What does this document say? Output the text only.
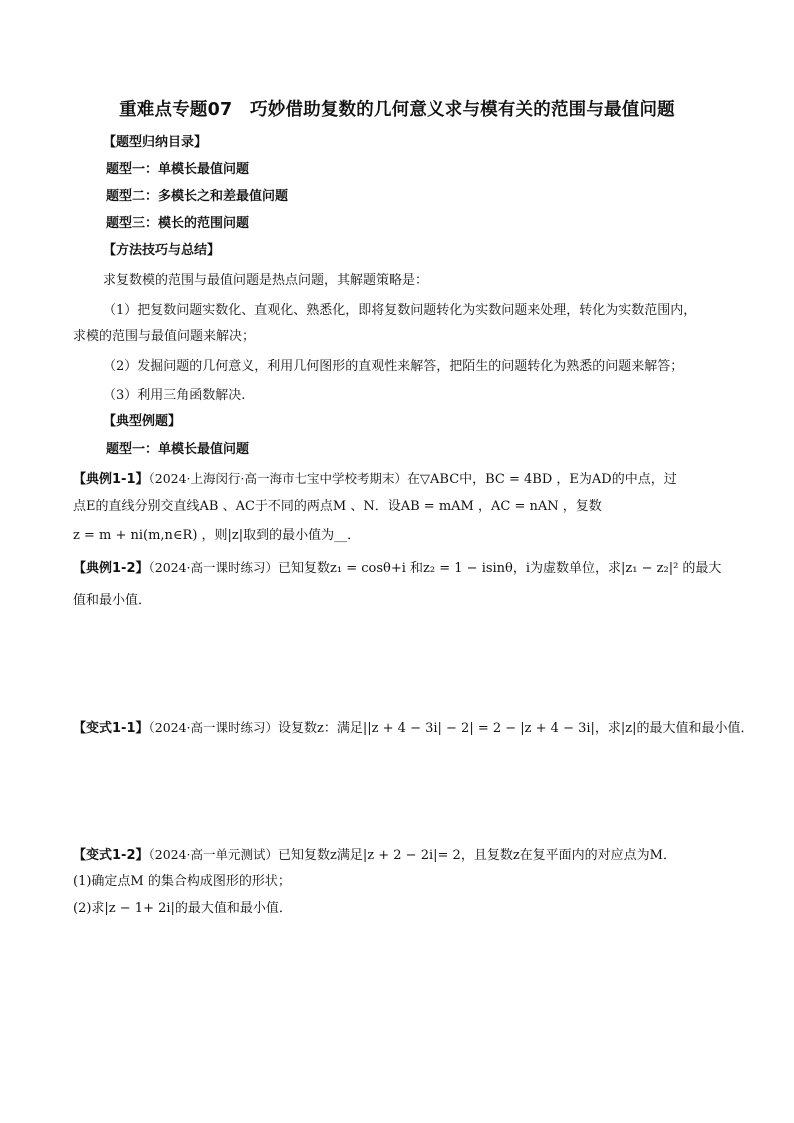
重难点专题07　巧妙借助复数的几何意义求与模有关的范围与最值问题
【题型归纳目录】
题型一：单模长最值问题
题型二：多模长之和差最值问题
题型三：模长的范围问题
【方法技巧与总结】
求复数模的范围与最值问题是热点问题，其解题策略是：
（1）把复数问题实数化、直观化、熟悉化，即将复数问题转化为实数问题来处理，转化为实数范围内，
求模的范围与最值问题来解决；
（2）发掘问题的几何意义，利用几何图形的直观性来解答，把陌生的问题转化为熟悉的问题来解答；
（3）利用三角函数解决.
【典型例题】
题型一：单模长最值问题
【典例1-1】（2024·上海闵行·高一海市七宝中学校考期末）在▽ABC中，BC = 4BD ，E为AD的中点，过
点E的直线分别交直线AB 、AC于不同的两点M 、N．设AB = mAM ，AC = nAN ，复数
z = m + ni(m,n∈R) ，则|z|取到的最小值为__．
【典例1-2】（2024·高一课时练习）已知复数z₁ = cosθ+i 和z₂ = 1 − isinθ，i为虚数单位，求|z₁ − z₂|² 的最大
值和最小值．
【变式1-1】（2024·高一课时练习）设复数z：满足||z + 4 − 3i| − 2| = 2 − |z + 4 − 3i|，求|z|的最大值和最小值．
【变式1-2】（2024·高一单元测试）已知复数z满足|z + 2 − 2i|= 2，且复数z在复平面内的对应点为M．
(1)确定点M 的集合构成图形的形状；
(2)求|z − 1+ 2i|的最大值和最小值．
